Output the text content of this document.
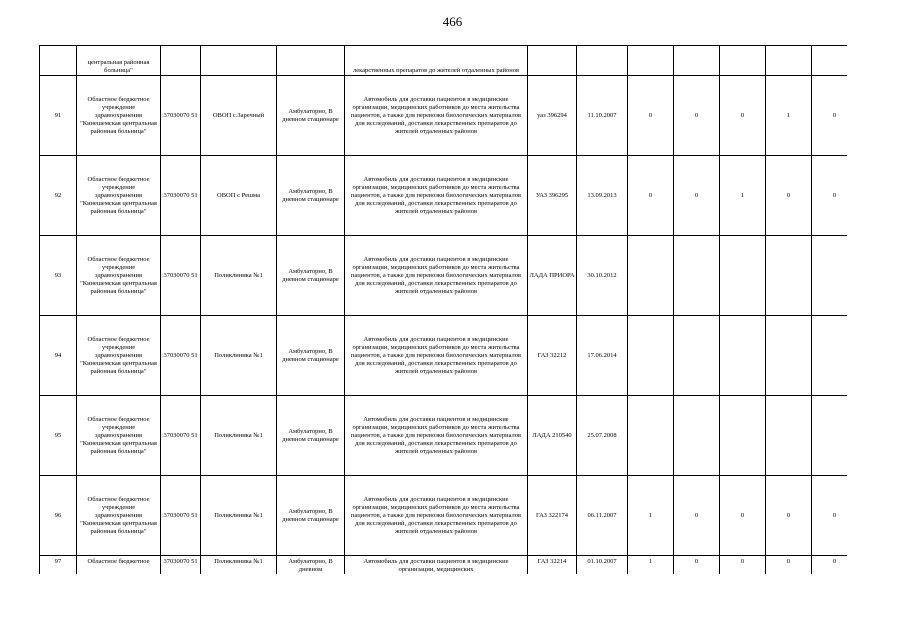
466

	центральная районная больница"				лекарственных препаратов до жителей отдаленных районов							

91	Областное бюджетное учреждение здравоохранения "Кинешемская центральная районная больница"	37030070 51	ОВОП с.Заречный	Амбулаторно, В дневном стационаре	Автомобиль для доставки пациентов в медицинские организации, медицинских работников до места жительства пациентов, а также для перевозки биологических материалов для исследований, доставки лекарственных препаратов до жителей отдаленных районов	уаз 396294	11.10.2007	0	0	0	1	0

92	Областное бюджетное учреждение здравоохранения "Кинешемская центральная районная больница"	37030070 51	ОВОП с Решма	Амбулаторно, В дневном стационаре	Автомобиль для доставки пациентов в медицинские организации, медицинских работников до места жительства пациентов, а также для перевозки биологических материалов для исследований, доставки лекарственных препаратов до жителей отдаленных районов	УАЗ 396295	13.09.2013	0	0	1	0	0

93	Областное бюджетное учреждение здравоохранения "Кинешемская центральная районная больница"	37030070 51	Поликлиника №1	Амбулаторно, В дневном стационаре	Автомобиль для доставки пациентов в медицинские организации, медицинских работников до места жительства пациентов, а также для перевозки биологических материалов для исследований, доставки лекарственных препаратов до жителей отдаленных районов	ЛАДА ПРИОРА	30.10.2012					

94	Областное бюджетное учреждение здравоохранения "Кинешемская центральная районная больница"	37030070 51	Поликлиника №1	Амбулаторно, В дневном стационаре	Автомобиль для доставки пациентов в медицинские организации, медицинских работников до места жительства пациентов, а также для перевозки биологических материалов для исследований, доставки лекарственных препаратов до жителей отдаленных районов	ГАЗ 32212	17.06.2014					

95	Областное бюджетное учреждение здравоохранения "Кинешемская центральная районная больница"	37030070 51	Поликлиника №1	Амбулаторно, В дневном стационаре	Автомобиль для доставки пациентов и медицинские организации, медицинских работников до места жительства пациентов, а также для перевозки биологических материалов для исследований, доставки лекарственных препаратов до жителей отдаленных районов	ЛАДА 210540	25.07.2008					

96	Областное бюджетное учреждение здравоохранения "Кинешемская центральная районная больница"	37030070 51	Поликлиника №1	Амбулаторно, В дневном стационаре	Автомобиль для доставки пациентов в медицинские организации, медицинских работников до места жительства пациентов, а также для перевозки биологических материалов для исследований, доставки лекарственных препаратов до жителей отдаленных районов	ГАЗ 322174	06.11.2007	1	0	0	0	0

97	Областное бюджетное	37030070 51	Поликлиника №1	Амбулаторно, В дневном	Автомобиль для доставки пациентов в медицинские организации, медицинских	ГАЗ 32214	01.10.2007	1	0	0	0	0
